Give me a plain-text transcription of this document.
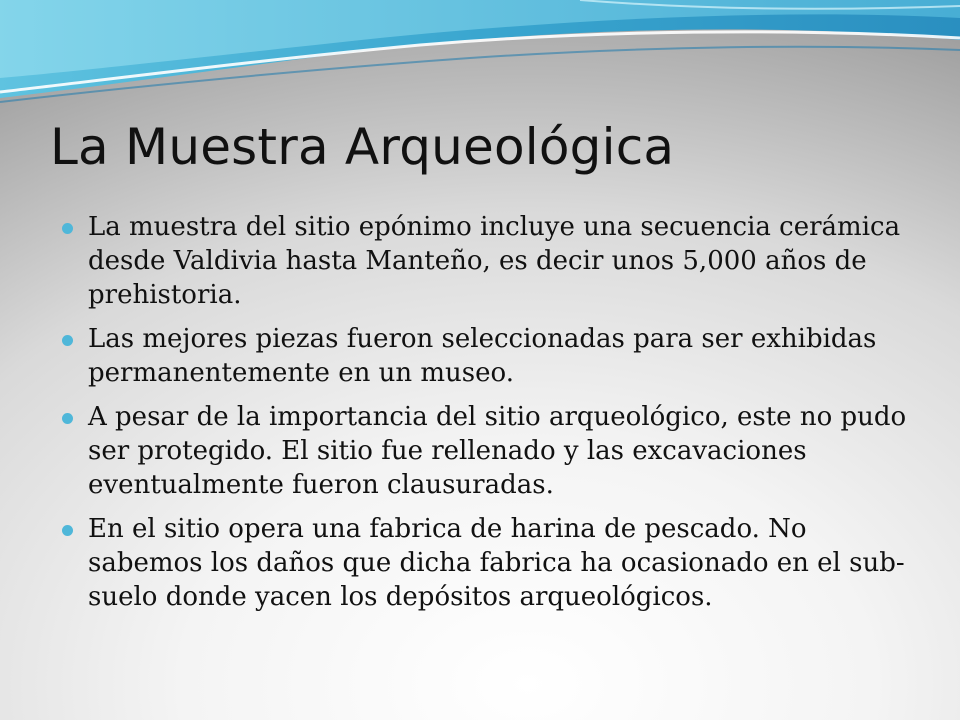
La Muestra Arqueológica
La muestra del sitio epónimo incluye una secuencia cerámica desde Valdivia hasta Manteño, es decir unos 5,000 años de prehistoria.
Las mejores piezas fueron seleccionadas para ser exhibidas permanentemente en un museo.
A pesar de la importancia del sitio arqueológico, este no pudo ser protegido. El sitio fue rellenado y las excavaciones eventualmente fueron clausuradas.
En el sitio opera una fabrica de harina de pescado. No sabemos los daños que dicha fabrica ha ocasionado en el sub-suelo donde yacen los depósitos arqueológicos.
